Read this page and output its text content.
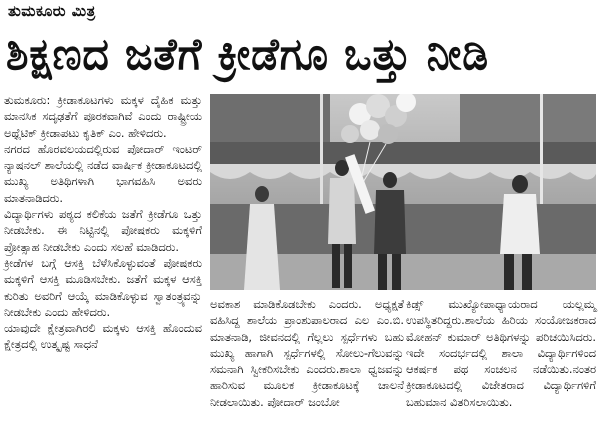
ತುಮಕೂರು ಮಿತ್ರ
ಶಿಕ್ಷಣದ ಜತೆಗೆ ಕ್ರೀಡೆಗೂ ಒತ್ತು ನೀಡಿ

ತುಮಕೂರು: ಕ್ರೀಡಾಕೂಟಗಳು ಮಕ್ಕಳ ದೈಹಿಕ ಮತ್ತು ಮಾನಸಿಕ ಸದೃಢತೆಗೆ ಪೂರಕವಾಗಿವೆ ಎಂದು ರಾಷ್ಟ್ರೀಯ ಅಥ್ಲೆಟಿಕ್ ಕ್ರೀಡಾಪಟು ಕೃತಿಕ್ ಎಂ. ಹೇಳಿದರು.

ನಗರದ ಹೊರವಲಯದಲ್ಲಿರುವ ಪೋದಾರ್ ಇಂಟರ್ ನ್ಯಾಷನಲ್ ಶಾಲೆಯಲ್ಲಿ ನಡೆದ ವಾರ್ಷಿಕ ಕ್ರೀಡಾಕೂಟದಲ್ಲಿ ಮುಖ್ಯ ಅತಿಥಿಗಳಾಗಿ ಭಾಗವಹಿಸಿ ಅವರು ಮಾತನಾಡಿದರು.

ವಿದ್ಯಾರ್ಥಿಗಳು ಪಠ್ಯದ ಕಲಿಕೆಯ ಜತೆಗೆ ಕ್ರೀಡೆಗೂ ಒತ್ತು ನೀಡಬೇಕು. ಈ ನಿಟ್ಟಿನಲ್ಲಿ ಪೋಷಕರು ಮಕ್ಕಳಿಗೆ ಪ್ರೋತ್ಸಾಹ ನೀಡಬೇಕು ಎಂದು ಸಲಹೆ ಮಾಡಿದರು.

ಕ್ರೀಡೆಗಳ ಬಗ್ಗೆ ಆಸಕ್ತಿ ಬೆಳೆಸಿಕೊಳ್ಳುವಂತೆ ಪೋಷಕರು ಮಕ್ಕಳಿಗೆ ಆಸಕ್ತಿ ಮೂಡಿಸಬೇಕು. ಜತೆಗೆ ಮಕ್ಕಳ ಆಸಕ್ತಿ ಕುರಿತು ಅವರಿಗೆ ಆಯ್ಕೆ ಮಾಡಿಕೊಳ್ಳುವ ಸ್ವಾತಂತ್ರ್ಯವನ್ನು ನೀಡಬೇಕು ಎಂದು ಹೇಳಿದರು.

ಯಾವುದೇ ಕ್ಷೇತ್ರವಾಗಿರಲಿ ಮಕ್ಕಳು ಆಸಕ್ತಿ ಹೊಂದುವ ಕ್ಷೇತ್ರದಲ್ಲಿ ಉತ್ಕೃಷ್ಟ ಸಾಧನೆ

ಅವಕಾಶ ಮಾಡಿಕೊಡಬೇಕು ಎಂದರು. ಅಧ್ಯಕ್ಷತೆ ವಹಿಸಿದ್ದ ಶಾಲೆಯ ಪ್ರಾಂಶುಪಾಲರಾದ ಎಲ ಎಂ.ಬಿ. ಮಾತನಾಡಿ, ಜೀವನದಲ್ಲಿ ಗೆಲ್ಲಲು ಸ್ಪರ್ಧೆಗಳು ಬಹು ಮುಖ್ಯ ಹಾಗಾಗಿ ಸ್ಪರ್ಧೆಗಳಲ್ಲಿ ಸೋಲು-ಗೆಲುವನ್ನು ಸಮನಾಗಿ ಸ್ವೀಕರಿಸಬೇಕು ಎಂದರು.ಶಾಲಾ ಧ್ವಜವನ್ನು ಹಾರಿಸುವ ಮೂಲಕ ಕ್ರೀಡಾಕೂಟಕ್ಕೆ ಚಾಲನೆ ನೀಡಲಾಯಿತು. ಪೋದಾರ್ ಜಂಬೋ

ಕಿಡ್ಸ್ ಮುಖ್ಯೋಪಾಧ್ಯಾಯರಾದ ಯಲ್ಲಮ್ಮ ಉಪಸ್ಥಿತರಿದ್ದರು.ಶಾಲೆಯ ಹಿರಿಯ ಸಂಯೋಜಕರಾದ ಮೋಹನ್ ಕುಮಾರ್ ಅತಿಥಿಗಳನ್ನು ಪರಿಚಯಿಸಿದರು. ಇದೇ ಸಂದರ್ಭದಲ್ಲಿ ಶಾಲಾ ವಿದ್ಯಾರ್ಥಿಗಳಿಂದ ಆಕರ್ಷಕ ಪಥ ಸಂಚಲನ ನಡೆಯಿತು.ನಂತರ ಕ್ರೀಡಾಕೂಟದಲ್ಲಿ ವಿಜೇತರಾದ ವಿದ್ಯಾರ್ಥಿಗಳಿಗೆ ಬಹುಮಾನ ವಿತರಿಸಲಾಯಿತು.
